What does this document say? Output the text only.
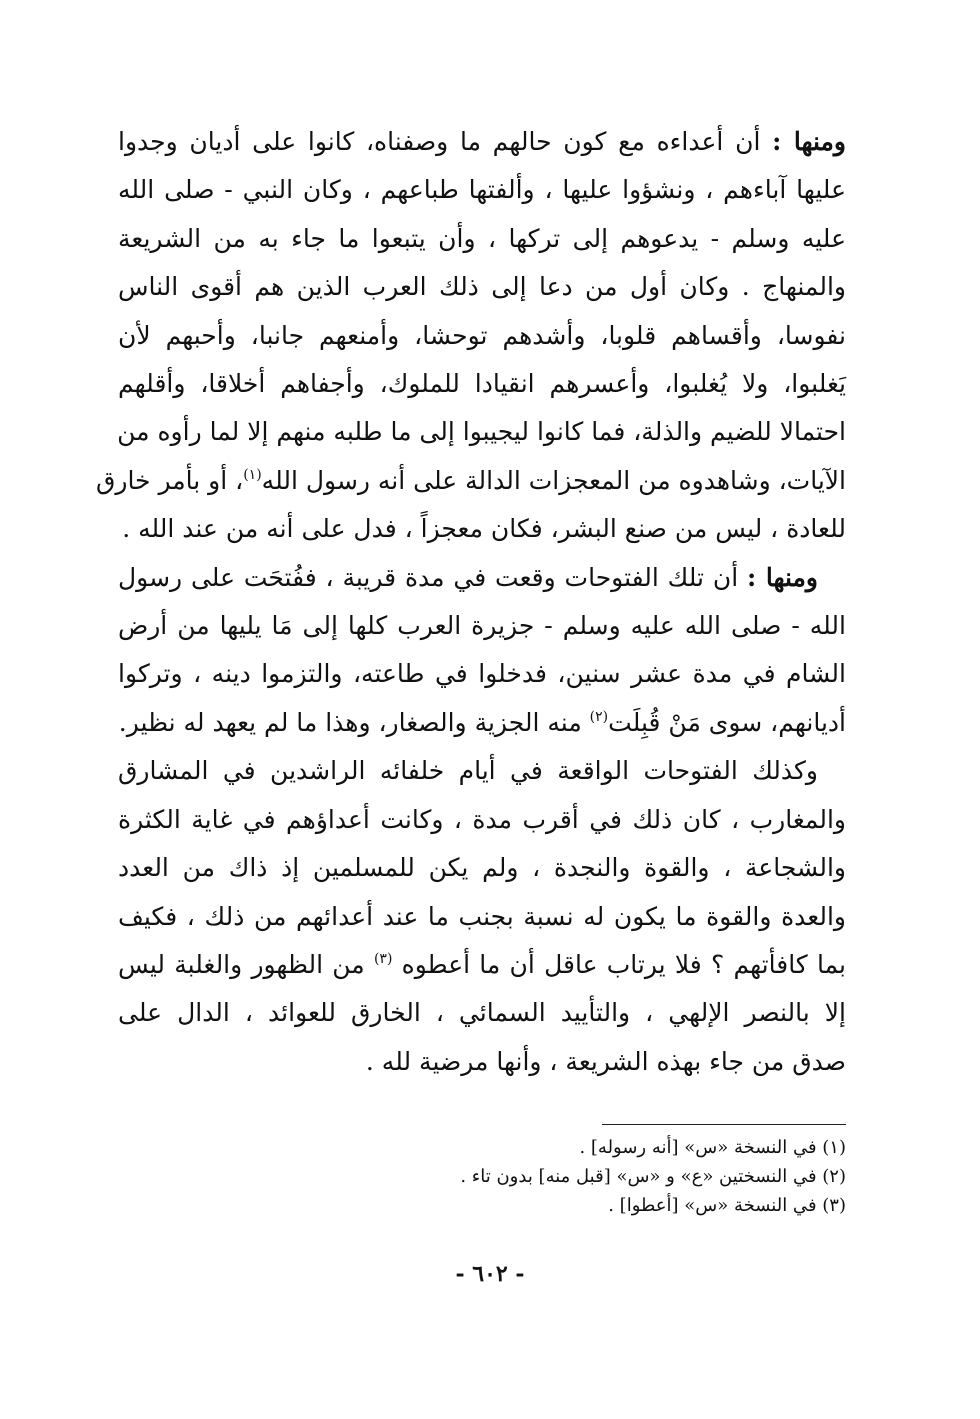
ومنها : أن أعداءه مع كون حالهم ما وصفناه، كانوا على أديان وجدوا
عليها آباءهم ، ونشؤوا عليها ، وألفتها طباعهم ، وكان النبي - صلى الله
عليه وسلم - يدعوهم إلى تركها ، وأن يتبعوا ما جاء به من الشريعة
والمنهاج . وكان أول من دعا إلى ذلك العرب الذين هم أقوى الناس
نفوسا، وأقساهم قلوبا، وأشدهم توحشا، وأمنعهم جانبا، وأحبهم لأن
يَغلبوا، ولا يُغلبوا، وأعسرهم انقيادا للملوك، وأجفاهم أخلاقا، وأقلهم
احتمالا للضيم والذلة، فما كانوا ليجيبوا إلى ما طلبه منهم إلا لما رأوه من
الآيات، وشاهدوه من المعجزات الدالة على أنه رسول الله$^{(١)}$، أو بأمر خارق
للعادة ، ليس من صنع البشر، فكان معجزاً ، فدل على أنه من عند الله .
ومنها : أن تلك الفتوحات وقعت في مدة قريبة ، ففُتحَت على رسول
الله - صلى الله عليه وسلم - جزيرة العرب كلها إلى مَا يليها من أرض
الشام في مدة عشر سنين، فدخلوا في طاعته، والتزموا دينه ، وتركوا
أديانهم، سوى مَنْ قُبِلَت$^{(٢)}$ منه الجزية والصغار، وهذا ما لم يعهد له نظير.
وكذلك الفتوحات الواقعة في أيام خلفائه الراشدين في المشارق
والمغارب ، كان ذلك في أقرب مدة ، وكانت أعداؤهم في غاية الكثرة
والشجاعة ، والقوة والنجدة ، ولم يكن للمسلمين إذ ذاك من العدد
والعدة والقوة ما يكون له نسبة بجنب ما عند أعدائهم من ذلك ، فكيف
بما كافأتهم ؟ فلا يرتاب عاقل أن ما أعطوه $^{(٣)}$ من الظهور والغلبة ليس
إلا بالنصر الإلهي ، والتأييد السمائي ، الخارق للعوائد ، الدال على
صدق من جاء بهذه الشريعة ، وأنها مرضية لله .
(١) في النسخة «س» [أنه رسوله] .
(٢) في النسختين «ع» و «س» [قبل منه] بدون تاء .
(٣) في النسخة «س» [أعطوا] .
- ٦٠٢ -
